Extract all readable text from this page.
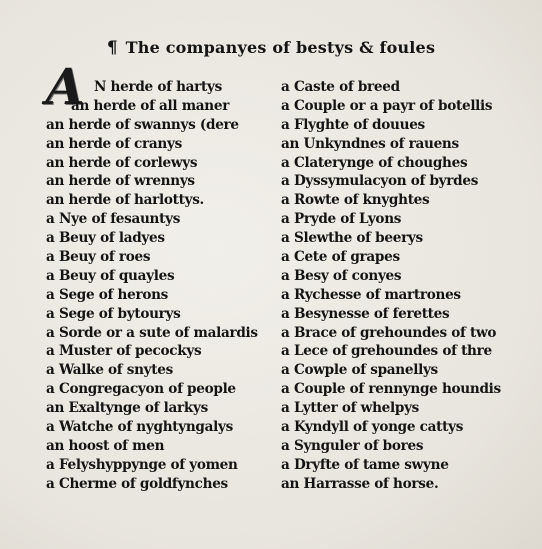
¶ The companyes of bestys & foules
A N herde of hartys
an herde of all maner
an herde of swannys (dere
an herde of cranys
an herde of corlewys
an herde of wrennys
an herde of harlottys.
a Nye of fesauntys
a Beuy of ladyes
a Beuy of roes
a Beuy of quayles
a Sege of herons
a Sege of bytourys
a Sorde or a sute of malardis
a Muster of pecockys
a Walke of snytes
a Congregacyon of people
an Exaltynge of larkys
a Watche of nyghtyngalys
an hoost of men
a Felyshyppynge of yomen
a Cherme of goldfynches
a Caste of breed
a Couple or a payr of botellis
a Flyghte of douues
an Unkyndnes of rauens
a Claterynge of choughes
a Dyssymulacyon of byrdes
a Rowte of knyghtes
a Pryde of Lyons
a Slewthe of beerys
a Cete of grapes
a Besy of conyes
a Rychesse of martrones
a Besynesse of ferettes
a Brace of grehoundes of two
a Lece of grehoundes of thre
a Cowple of spanellys
a Couple of rennynge houndis
a Lytter of whelpys
a Kyndyll of yonge cattys
a Synguler of bores
a Dryfte of tame swyne
an Harrasse of horse.
